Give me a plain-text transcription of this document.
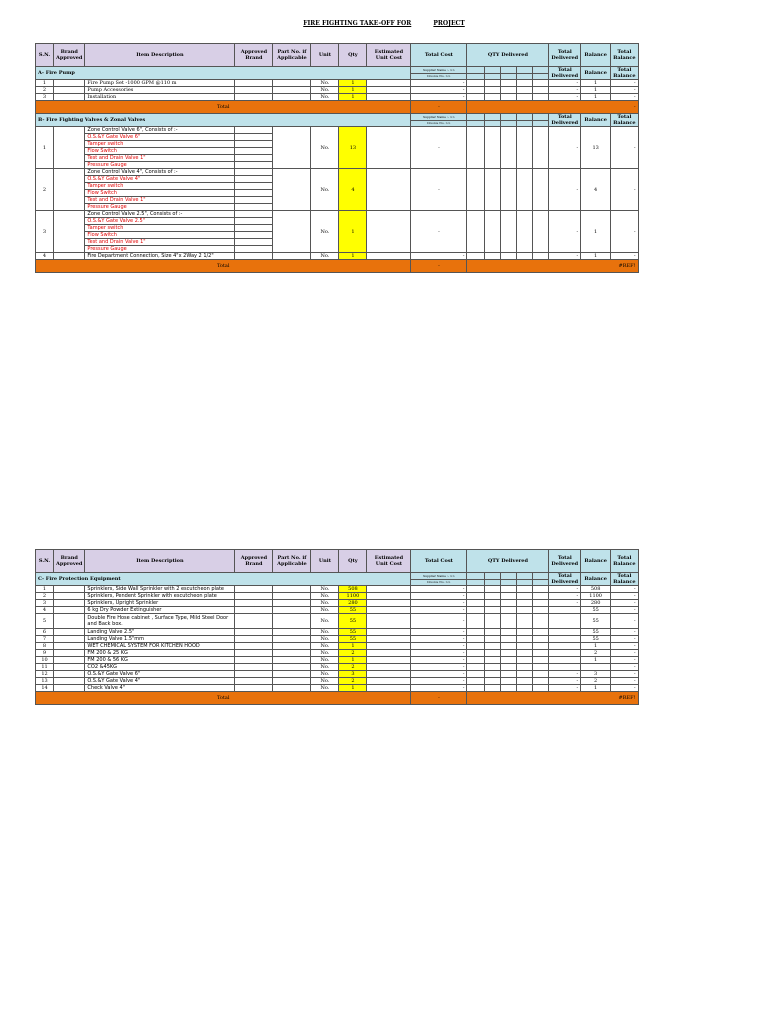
FIRE FIGHTING TAKE-OFF FOR	PROJECT
S.N.	Brand Approved	Item Description	Approved Brand	Part No. if Applicable	Unit	Qty	Estimated Unit Cost	Total Cost	QTY Delivered					Total Delivered	Balance	Total Balance
A- Fire Pump								Supplier Name :- >>						Total Delivered	Balance	Total Balance
								Invoice No. >>								
1		Fire Pump Set -1000 GPM @110 m			No.	1		-						-	1	-
2		Pump Accessories			No.	1		-						-	1	-
3		Installation			No.	1		-						-	1	-
Total								-	-							
B- Fire Fighting Valves & Zonal Valves								Supplier Name :- >>						Total Delivered	Balance	Total Balance
								Invoice No. >>								
1		Zone Control Valve 6", Consists of :-			No.	13		-						-	13	-
		O.S.&Y Gate Valve 6"														
		Tamper switch														
		Flow Switch														
		Test and Drain Valve 1"														
		Pressure Gauge														
2		Zone Control Valve 4", Consists of :-			No.	4		-						-	4	-
		O.S.&Y Gate Valve 4"														
		Tamper switch														
		Flow Switch														
		Test and Drain Valve 1"														
		Pressure Gauge														
3		Zone Control Valve 2.5", Consists of :-			No.	1		-						-	1	-
		O.S.&Y Gate Valve 2.5"														
		Tamper switch														
		Flow Switch														
		Test and Drain Valve 1"														
		Pressure Gauge														
4		Fire Department Connection, Size 4"x 2Way 2 1/2"			No.	1		-						-	1	-
Total								-	#REF!							
S.N.	Brand Approved	Item Description	Approved Brand	Part No. if Applicable	Unit	Qty	Estimated Unit Cost	Total Cost	QTY Delivered					Total Delivered	Balance	Total Balance
C- Fire Protection Equipment								Supplier Name :- >>						Total Delivered	Balance	Total Balance
								Invoice No. >>								
1		Sprinklers, Side Wall Sprinkler with 2 escutcheon plate			No.	508		-						-	508	-
2		Sprinklers, Pendent Sprinkler with escutcheon plate			No.	1100		-						-	1100	-
3		Sprinklers, Upright Sprinkler			No.	280		-						-	280	-
4		6 kg Dry Powder Extinguisher			No.	55		-							55	-
5		Double Fire Hose cabinet , Surface Type, Mild Steel Door and Back box.			No.	55		-							55	-
6		Landing Valve 2.5"			No.	55		-							55	-
7		Landing Valve 1.5"mm			No.	55		-							55	-
8		WET CHEMICAL SYSTEM FOR KITCHEN HOOD			No.	1		-							1	-
9		FM 200 & 25 KG			No.	2		-							2	-
10		FM 200 & 56 KG			No.	1		-							1	-
11		CO2 &45KG			No.	2		-								-
12		O.S.&Y Gate Valve 6"			No.	3		-						-	3	-
13		O.S.&Y Gate Valve 4"			No.	2		-						-	2	-
14		Check Valve 4"			No.	1		-						-	1	-
Total								-	#REF!							
